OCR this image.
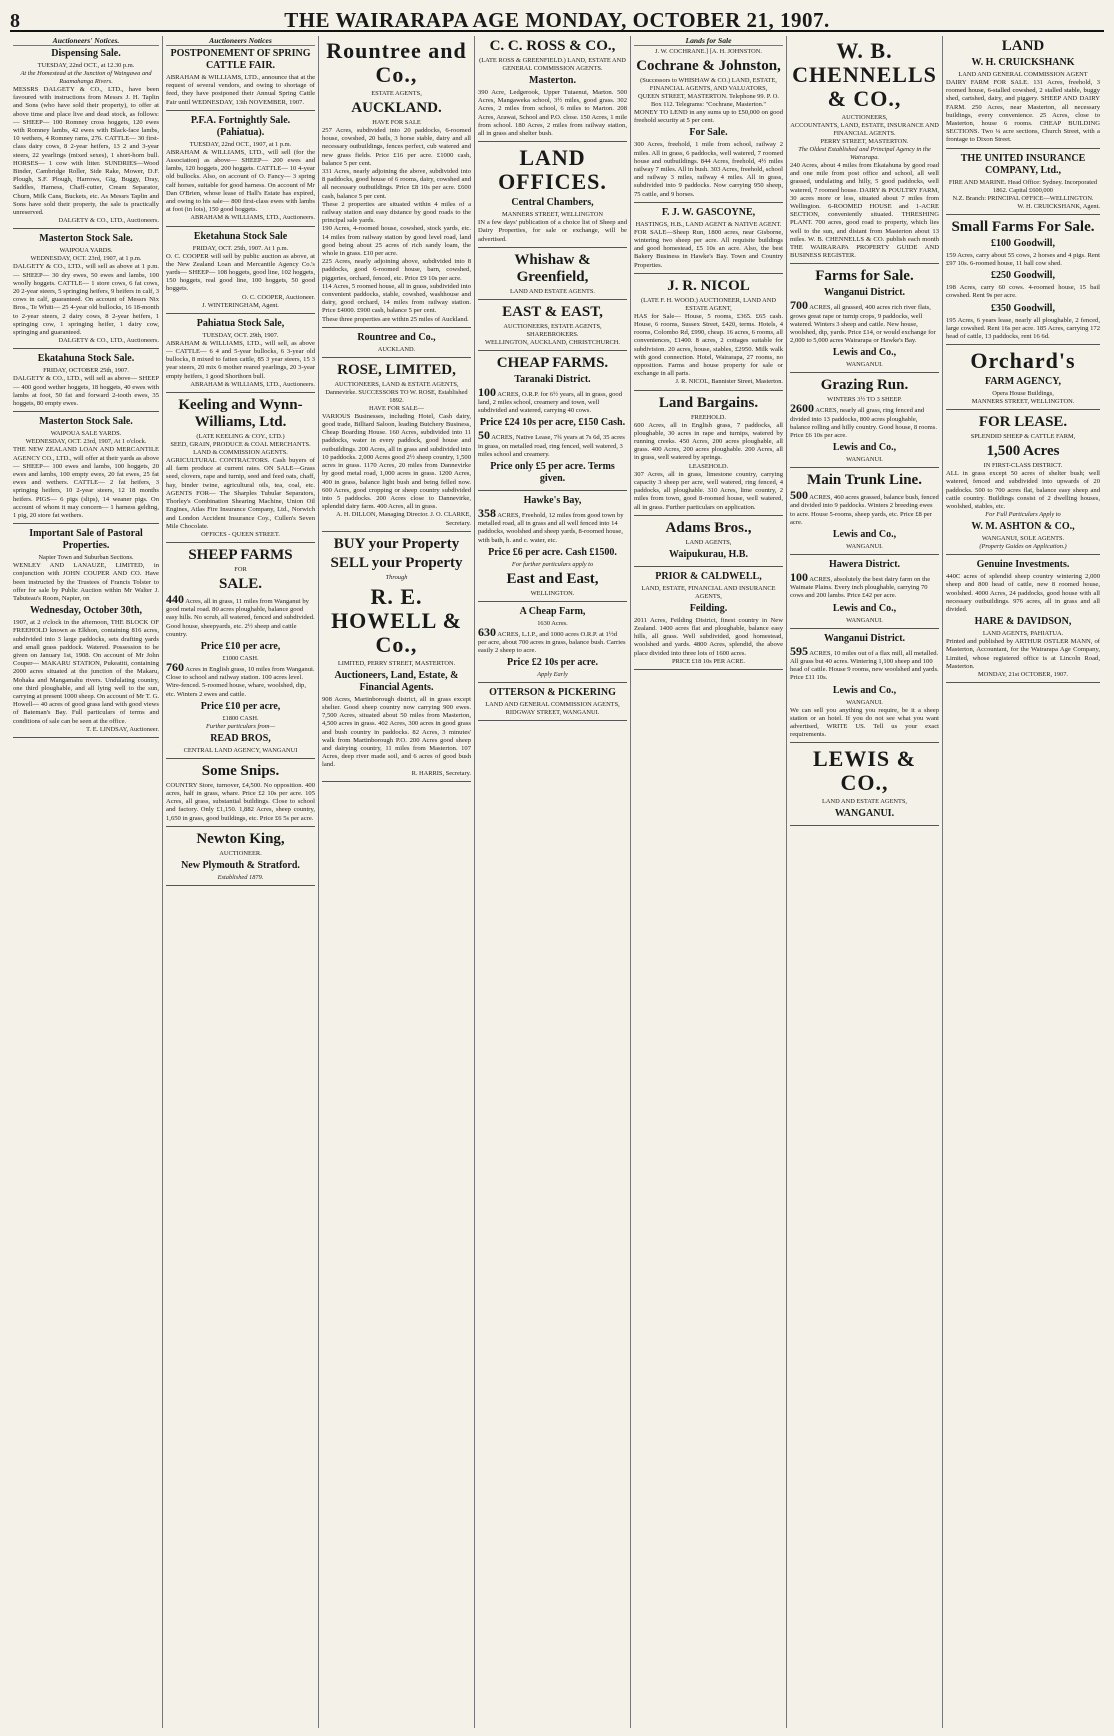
8	THE WAIRARAPA AGE MONDAY, OCTOBER 21, 1907.
Auctioneers' Notices.
Dispensing Sale.
TUESDAY, 22nd OCT., at 12.30 p.m.
At the Homestead at the Junction of Waingawa and Ruamahanga Rivers.
MESSRS DALGETY & CO., LTD., have been favoured with instructions from Messrs J. H. Taplin and Sons (who have sold their property), to offer at above time and place live and dead stock, as follows:— SHEEP— 100 Romney cross hoggets, 120 ewes with Romney lambs, 42 ewes with Black-face lambs, 10 wethers, 4 Romney rams, 276. CATTLE— 30 first-class dairy cows, 8 2-year heifers, 13 2 and 3-year steers, 22 yearlings (mixed sexes), 1 short-horn bull. HORSES— 1 cow with litter. SUNDRIES—Wood Binder, Cambridge Roller, Side Rake, Mower, D.F. Plough, S.F. Plough, Harrows, Gig, Buggy, Dray, Saddles, Harness, Chaff-cutter, Cream Separator, Churn, Milk Cans, Buckets, etc. As Messrs Taplin and Sons have sold their property, the sale is practically unreserved.
DALGETY & CO., LTD., Auctioneers.
Masterton Stock Sale.
WAIPOUA YARDS.
WEDNESDAY, OCT. 23rd, 1907, at 1 p.m.
DALGETY & CO., LTD., will sell as above at 1 p.m.— SHEEP— 30 dry ewes, 50 ewes and lambs, 100 woolly hoggets. CATTLE— 1 store cows, 6 fat cows, 20 2-year steers, 5 springing heifers, 9 heifers in calf, 3 cows in calf, guaranteed. On account of Messrs Nix Bros., Te Whiti— 25 4-year old bullocks, 16 18-month to 2-year steers, 2 dairy cows, 8 2-year heifers, 1 springing cow, 1 springing heifer, 1 dairy cow, springing and guaranteed.
DALGETY & CO., LTD., Auctioneers.
Ekatahuna Stock Sale.
FRIDAY, OCTOBER 25th, 1907.
DALGETY & CO., LTD., will sell as above— SHEEP— 400 good wether hoggets, 18 hoggets, 40 ewes with lambs at foot, 50 fat and forward 2-tooth ewes, 35 hoggets, 80 empty ewes.
Masterton Stock Sale.
WAIPOUA SALE YARDS.
WEDNESDAY, OCT. 23rd, 1907, At 1 o'clock.
THE NEW ZEALAND LOAN AND MERCANTILE AGENCY CO., LTD., will offer at their yards as above— SHEEP— 100 ewes and lambs, 100 hoggets, 20 ewes and lambs, 100 empty ewes, 20 fat ewes, 25 fat ewes and wethers. CATTLE— 2 fat heifers, 3 springing heifers, 10 2-year steers, 12 18 months heifers. PIGS— 6 pigs (slips), 14 weaner pigs. On account of whom it may concern— 1 harness gelding, 1 pig, 20 store fat wethers.
Important Sale of Pastoral Properties.
Napier Town and Suburban Sections.
WENLEY AND LANAUZE, LIMITED, in conjunction with JOHN COUPER AND CO. Have been instructed by the Trustees of Francis Tolster to offer for sale by Public Auction within Mr Walter J. Tabuteau's Room, Napier, on
Wednesday, October 30th,
1907, at 2 o'clock in the afternoon, THE BLOCK OF FREEHOLD known as Elkhon, containing 816 acres, subdivided into 3 large paddocks, sets drafting yards and small grass paddock. Watered. Possession to be given on January 1st, 1908. On account of Mr John Couper— MAKARU STATION, Pukeatiti, containing 2000 acres situated at the junction of the Makaru, Mohaka and Mangamahu rivers. Undulating country, one third ploughable, and all lying well to the sun, carrying at present 1000 sheep. On account of Mr T. G. Howell— 40 acres of good grass land with good views of Bateman's Bay. Full particulars of terms and conditions of sale can be seen at the office.
T. E. LINDSAY, Auctioneer.
Auctioneers Notices
POSTPONEMENT OF SPRING CATTLE FAIR.
ABRAHAM & WILLIAMS, LTD., announce that at the request of several vendors, and owing to shortage of feed, they have postponed their Annual Spring Cattle Fair until WEDNESDAY, 13th NOVEMBER, 1907.
P.F.A. Fortnightly Sale. (Pahiatua).
TUESDAY, 22nd OCT., 1907, at 1 p.m.
ABRAHAM & WILLIAMS, LTD., will sell (for the Association) as above— SHEEP— 200 ewes and lambs, 120 hoggets, 200 hoggets. CATTLE— 10 4-year old bullocks. Also, on account of O. Fancy— 3 spring calf horses, suitable for good harness. On account of Mr Dan O'Brien, whose lease of Hall's Estate has expired, and owing to his sale— 800 first-class ewes with lambs at foot (in lots), 150 good hoggets.
ABRAHAM & WILLIAMS, LTD., Auctioneers.
Eketahuna Stock Sale
FRIDAY, OCT. 25th, 1907. At 1 p.m.
O. C. COOPER will sell by public auction as above, at the New Zealand Loan and Mercantile Agency Co.'s yards— SHEEP— 108 hoggets, good line, 102 hoggets, 150 hoggets, real good line, 100 hoggets, 50 good hoggets.
O. C. COOPER, Auctioneer.
J. WINTERINGHAM, Agent.
Pahiatua Stock Sale,
TUESDAY, OCT. 29th, 1907.
ABRAHAM & WILLIAMS, LTD., will sell, as above— CATTLE— 6 4 and 5-year bullocks, 6 3-year old bullocks, 8 mixed to fatten cattle, 85 3 year steers, 15 3 year steers, 20 mix 6 mother reared yearlings, 20 3-year empty heifers, 1 good Shorthorn bull.
ABRAHAM & WILLIAMS, LTD., Auctioneers.
Keeling and Wynn-Williams, Ltd.
(LATE KEELING & COY., LTD.)
SEED, GRAIN, PRODUCE & COAL MERCHANTS.
LAND & COMMISSION AGENTS.
AGRICULTURAL CONTRACTORS. Cash buyers of all farm produce at current rates. ON SALE—Grass seed, clovers, rape and turnip, seed and feed oats, chaff, hay, binder twine, agricultural oils, tea, coal, etc. AGENTS FOR— The Sharples Tubular Separators, Thorley's Combination Shearing Machine, Union Oil Engines, Atlas Fire Insurance Company, Ltd., Norwich and London Accident Insurance Coy., Cullen's Seven Mile Chocolate.
OFFICES - QUEEN STREET.
SHEEP FARMS
FOR
SALE.
440 Acres, all in grass, 11 miles from Wanganui by good metal road. 80 acres ploughable, balance good easy hills. No scrub, all watered, fenced and subdivided. Good house, sheepyards, etc. 2½ sheep and cattle country.
Price £10 per acre,
£1000 CASH.
760 Acres in English grass, 10 miles from Wanganui. Close to school and railway station. 100 acres level. Wire-fenced. 5-roomed house, whare, woolshed, dip, etc. Winters 2 ewes and cattle.
Price £10 per acre,
£1800 CASH.
Further particulars from—
READ BROS,
CENTRAL LAND AGENCY, WANGANUI
Some Snips.
COUNTRY Store, turnover, £4,500. No opposition. 400 acres, half in grass, whare. Price £2 10s per acre. 105 Acres, all grass, substantial buildings. Close to school and factory. Only £1,150. 1,882 Acres, sheep country, 1,650 in grass, good buildings, etc. Price £6 5s per acre.
Newton King,
AUCTIONEER.
New Plymouth & Stratford.
Established 1879.
Rountree and Co.,
ESTATE AGENTS,
AUCKLAND.
HAVE FOR SALE
257 Acres, subdivided into 20 paddocks, 6-roomed house, cowshed, 20 bails, 3 horse stable, dairy and all necessary outbuildings, fences perfect, cub watered and new grass fields. Price £16 per acre. £1000 cash, balance 5 per cent.
331 Acres, nearly adjoining the above, subdivided into 8 paddocks, good house of 6 rooms, dairy, cowshed and all necessary outbuildings. Price £8 10s per acre. £600 cash, balance 5 per cent.
These 2 properties are situated within 4 miles of a railway station and easy distance by good roads to the principal sale yards.
190 Acres, 4-roomed house, cowshed, stock yards, etc. 14 miles from railway station by good level road, land good being about 25 acres of rich sandy loam, the whole in grass. £10 per acre.
225 Acres, nearly adjoining above, subdivided into 8 paddocks, good 6-roomed house, barn, cowshed, piggeries, orchard, fenced, etc. Price £9 10s per acre.
114 Acres, 5 roomed house, all in grass, subdivided into convenient paddocks, stable, cowshed, washhouse and dairy, good orchard, 14 miles from railway station. Price £4000. £900 cash, balance 5 per cent.
These three properties are within 25 miles of Auckland.
Rountree and Co.,
AUCKLAND.
ROSE, LIMITED,
AUCTIONEERS, LAND & ESTATE AGENTS, Dannevirke. SUCCESSORS TO W. ROSE, Established 1892.
HAVE FOR SALE—
VARIOUS Businesses, including Hotel, Cash dairy, good trade, Billiard Saloon, leading Butchery Business, Cheap Boarding House. 160 Acres, subdivided into 11 paddocks, water in every paddock, good house and outbuildings. 200 Acres, all in grass and subdivided into 10 paddocks. 2,000 Acres good 2½ sheep country, 1,500 acres in grass. 1170 Acres, 20 miles from Dannevirke by good metal road, 1,000 acres in grass. 1200 Acres, 400 in grass, balance light bush and being felled now. 600 Acres, good cropping or sheep country subdivided into 5 paddocks. 200 Acres close to Dannevirke, splendid dairy farm. 400 Acres, all in grass.
A. H. DILLON, Managing Director. J. O. CLARKE, Secretary.
BUY your Property
SELL your Property
Through
R. E. HOWELL & Co.,
LIMITED, PERRY STREET, MASTERTON.
Auctioneers, Land, Estate, & Financial Agents.
908 Acres, Martinborough district, all in grass except shelter. Good sheep country now carrying 900 ewes. 7,500 Acres, situated about 50 miles from Masterton, 4,500 acres in grass. 402 Acres, 300 acres in good grass and bush country in paddocks. 82 Acres, 3 minutes' walk from Martinborough P.O. 200 Acres good sheep and dairying country, 11 miles from Masterton. 107 Acres, deep river made soil, and 6 acres of good bush land.
R. HARRIS, Secretary.
C. C. ROSS & CO.,
(LATE ROSS & GREENFIELD.) LAND, ESTATE AND GENERAL COMMISSION AGENTS.
Masterton.
390 Acre, Ledgerook, Upper Tutaenui, Marton. 500 Acres, Mangaweka school, 3½ miles, good grass. 302 Acres, 2 miles from school, 6 miles to Marton. 208 Acres, Arawai, School and P.O. close. 150 Acres, 1 mile from school. 180 Acres, 2 miles from railway station, all in grass and shelter bush.
LAND OFFICES.
Central Chambers,
MANNERS STREET, WELLINGTON
IN a few days' publication of a choice list of Sheep and Dairy Properties, for sale or exchange, will be advertised.
Whishaw & Greenfield,
LAND AND ESTATE AGENTS.
EAST & EAST,
AUCTIONEERS, ESTATE AGENTS, SHAREBROKERS.
WELLINGTON, AUCKLAND, CHRISTCHURCH.
CHEAP FARMS.
Taranaki District.
100 ACRES, O.R.P. for 6½ years, all in grass, good land, 2 miles school, creamery and town, well subdivided and watered, carrying 40 cows.
Price £24 10s per acre, £150 Cash.
50 ACRES, Native Lease, 7¾ years at 7s 6d, 35 acres in grass, on metalled road, ring fenced, well watered, 3 miles school and creamery.
Price only £5 per acre. Terms given.
Hawke's Bay,
358 ACRES, Freehold, 12 miles from good town by metalled road, all in grass and all well fenced into 14 paddocks, woolshed and sheep yards, 8-roomed house, with bath, h. and c. water, etc.
Price £6 per acre. Cash £1500.
For further particulars apply to
East and East,
WELLINGTON.
A Cheap Farm,
1630 Acres.
630 ACRES, L.I.P., and 1000 acres O.R.P. at 1½d per acre, about 700 acres in grass, balance bush. Carries easily 2 sheep to acre.
Price £2 10s per acre.
Apply Early
OTTERSON & PICKERING
LAND AND GENERAL COMMISSION AGENTS,
RIDGWAY STREET, WANGANUI.
Lands for Sale
J. W. COCHRANE.] [A. H. JOHNSTON.
Cochrane & Johnston,
(Successors to WHISHAW & CO.) LAND, ESTATE, FINANCIAL AGENTS, AND VALUATORS,
QUEEN STREET, MASTERTON. Telephone 99. P. O. Box 112. Telegrams: "Cochrane, Masterton."
MONEY TO LEND in any sums up to £50,000 on good freehold security at 5 per cent.
For Sale.
300 Acres, freehold, 1 mile from school, railway 2 miles. All in grass, 6 paddocks, well watered, 7 roomed house and outbuildings. 844 Acres, freehold, 4½ miles railway 7 miles. All in bush. 303 Acres, freehold, school and railway 3 miles, railway 4 miles. All in grass, subdivided into 9 paddocks. Now carrying 950 sheep, 75 cattle, and 9 horses.
F. J. W. GASCOYNE,
HASTINGS, H.B., LAND AGENT & NATIVE AGENT.
FOR SALE—Sheep Run, 1800 acres, near Gisborne, wintering two sheep per acre. All requisite buildings and good homestead, £5 10s an acre. Also, the best Bakery Business in Hawke's Bay. Town and Country Properties.
J. R. NICOL
(LATE F. H. WOOD.) AUCTIONEER, LAND AND ESTATE AGENT,
HAS for Sale— House, 5 rooms, £365. £65 cash. House, 6 rooms, Sussex Street, £420, terms. Hotels, 4 rooms, Colombo Rd, £990, cheap. 16 acres, 6 rooms, all conveniences, £1400. 8 acres, 2 cottages suitable for subdivision. 20 acres, house, stables, £2950. Milk walk with good connection. Hotel, Wairarapa, 27 rooms, no opposition. Farms and house property for sale or exchange in all parts.
J. R. NICOL, Bannister Street, Masterton.
Land Bargains.
FREEHOLD.
600 Acres, all in English grass, 7 paddocks, all ploughable, 30 acres in rape and turnips, watered by running creeks. 450 Acres, 200 acres ploughable, all grass. 400 Acres, 200 acres ploughable. 200 Acres, all in grass, well watered by springs.
LEASEHOLD.
307 Acres, all in grass, limestone country, carrying capacity 3 sheep per acre, well watered, ring fenced, 4 paddocks, all ploughable. 310 Acres, lime country, 2 miles from town, good 8-roomed house, well watered, all in grass. Further particulars on application.
Adams Bros.,
LAND AGENTS,
Waipukurau, H.B.
PRIOR & CALDWELL,
LAND, ESTATE, FINANCIAL AND INSURANCE AGENTS,
Feilding.
2011 Acres, Feilding District, finest country in New Zealand. 1400 acres flat and ploughable, balance easy hills, all grass. Well subdivided, good homestead, woolshed and yards. 4800 Acres, splendid, the above place divided into three lots of 1600 acres.
PRICE £18 10s PER ACRE.
W. B. CHENNELLS & CO.,
AUCTIONEERS,
ACCOUNTANTS, LAND, ESTATE, INSURANCE AND FINANCIAL AGENTS.
PERRY STREET, MASTERTON.
The Oldest Established and Principal Agency in the Wairarapa.
240 Acres, about 4 miles from Ekatahuna by good road and one mile from post office and school, all well grassed, undulating and hilly, 5 good paddocks, well watered, 7 roomed house. DAIRY & POULTRY FARM, 30 acres more or less, situated about 7 miles from Wellington. 6-ROOMED HOUSE and 1-ACRE SECTION, conveniently situated. THRESHING PLANT. 700 acres, good road to property, which lies well to the sun, and distant from Masterton about 13 miles. W. B. CHENNELLS & CO. publish each month THE WAIRARAPA PROPERTY GUIDE AND BUSINESS REGISTER.
Farms for Sale.
Wanganui District.
700 ACRES, all grassed, 400 acres rich river flats, grows great rape or turnip crops, 9 paddocks, well watered. Winters 3 sheep and cattle. New house, woolshed, dip, yards. Price £14, or would exchange for 2,000 to 5,000 acres Wairarapa or Hawke's Bay.
Lewis and Co.,
WANGANUI.
Grazing Run.
WINTERS 3½ TO 3 SHEEP.
2600 ACRES, nearly all grass, ring fenced and divided into 13 paddocks, 800 acres ploughable, balance rolling and hilly country. Good house, 8 rooms. Price £6 10s per acre.
Lewis and Co.,
WANGANUI.
Main Trunk Line.
500 ACRES, 460 acres grassed, balance bush, fenced and divided into 9 paddocks. Winters 2 breeding ewes to acre. House 5-rooms, sheep yards, etc. Price £8 per acre.
Lewis and Co.,
WANGANUI.
Hawera District.
100 ACRES, absolutely the best dairy farm on the Waimate Plains. Every inch ploughable, carrying 70 cows and 200 lambs. Price £42 per acre.
Lewis and Co.,
WANGANUI.
Wanganui District.
595 ACRES, 10 miles out of a flax mill, all metalled. All grass but 40 acres. Wintering 1,100 sheep and 100 head of cattle. House 9 rooms, new woolshed and yards. Price £11 10s.
Lewis and Co.,
WANGANUI.
We can sell you anything you require, be it a sheep station or an hotel. If you do not see what you want advertised, WRITE US. Tell us your exact requirements.
LEWIS & CO.,
LAND AND ESTATE AGENTS,
WANGANUI.
LAND
W. H. CRUICKSHANK
LAND AND GENERAL COMMISSION AGENT
DAIRY FARM FOR SALE. 131 Acres, freehold, 3 roomed house, 6-stalled cowshed, 2 stalled stable, buggy shed, cartshed, dairy, and piggery. SHEEP AND DAIRY FARM. 250 Acres, near Masterton, all necessary buildings, every convenience. 25 Acres, close to Masterton, house 6 rooms. CHEAP BUILDING SECTIONS. Two ¼ acre sections, Church Street, with a frontage to Dixon Street.
THE UNITED INSURANCE COMPANY, Ltd.,
FIRE AND MARINE. Head Office: Sydney. Incorporated 1862. Capital £600,000
N.Z. Branch: PRINCIPAL OFFICE—WELLINGTON.
W. H. CRUICKSHANK, Agent.
Small Farms For Sale.
£100 Goodwill,
159 Acres, carry about 55 cows, 2 horses and 4 pigs. Rent £97 10s. 6-roomed house, 11 ball cow shed.
£250 Goodwill,
198 Acres, carry 60 cows. 4-roomed house, 15 bail cowshed. Rent 9s per acre.
£350 Goodwill,
195 Acres, 6 years lease, nearly all ploughable, 2 fenced, large cowshed. Rent 16s per acre. 185 Acres, carrying 172 head of cattle, 13 paddocks, rent 16 6d.
Orchard's
FARM AGENCY,
Opera House Buildings,
MANNERS STREET, WELLINGTON.
FOR LEASE.
SPLENDID SHEEP & CATTLE FARM,
1,500 Acres
IN FIRST-CLASS DISTRICT.
ALL in grass except 50 acres of shelter bush; well watered, fenced and subdivided into upwards of 20 paddocks. 500 to 700 acres flat, balance easy sheep and cattle country. Buildings consist of 2 dwelling houses, woolshed, stables, etc.
For Full Particulars Apply to
W. M. ASHTON & CO.,
WANGANUI, SOLE AGENTS.
(Property Guides on Application.)
Genuine Investments.
440C acres of splendid sheep country wintering 2,000 sheep and 800 head of cattle, new 8 roomed house, woolshed. 4000 Acres, 24 paddocks, good house with all necessary outbuildings. 976 acres, all in grass and all divided.
HARE & DAVIDSON,
LAND AGENTS, PAHIATUA.
Printed and published by ARTHUR OSTLER MANN, of Masterton, Accountant, for the Wairarapa Age Company, Limited, whose registered office is at Lincoln Road, Masterton.
MONDAY, 21st OCTOBER, 1907.
